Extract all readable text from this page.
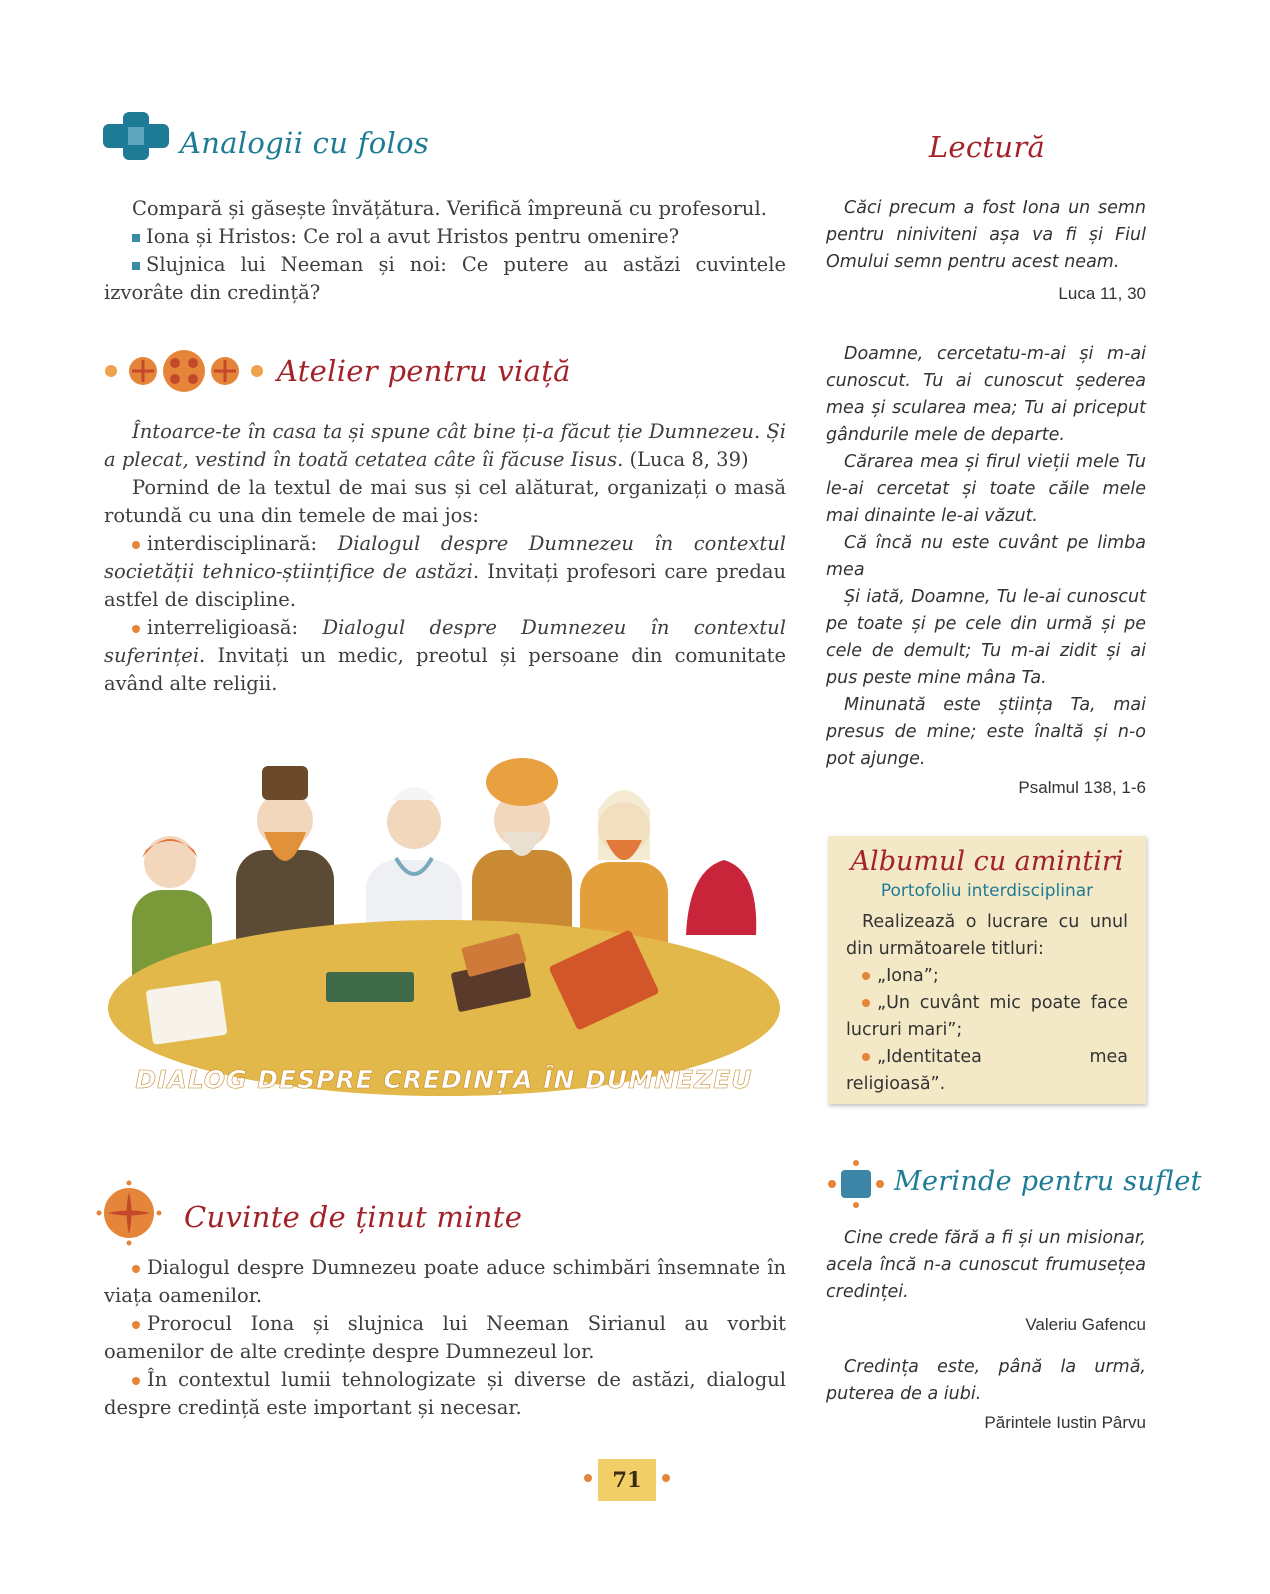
Analogii cu folos

Compară și găsește învățătura. Verifică împreună cu profesorul.

Iona și Hristos: Ce rol a avut Hristos pentru omenire?

Slujnica lui Neeman și noi: Ce putere au astăzi cuvintele izvorâte din credință?

Atelier pentru viață

Întoarce-te în casa ta și spune cât bine ți-a făcut ție Dumnezeu. Și a plecat, vestind în toată cetatea câte îi făcuse Iisus. (Luca 8, 39)

Pornind de la textul de mai sus și cel alăturat, organizați o masă rotundă cu una din temele de mai jos:

interdisciplinară: Dialogul despre Dumnezeu în contextul societății tehnico-științifice de astăzi. Invitați profesori care predau astfel de discipline.

interreligioasă: Dialogul despre Dumnezeu în contextul suferinței. Invitați un medic, preotul și persoane din comunitate având alte religii.

DIALOG DESPRE CREDINȚA ÎN DUMNEZEU
Cuvinte de ținut minte

Dialogul despre Dumnezeu poate aduce schimbări însemnate în viața oamenilor.

Prorocul Iona și slujnica lui Neeman Sirianul au vorbit oamenilor de alte credințe despre Dumnezeul lor.

În contextul lumii tehnologizate și diverse de astăzi, dialogul despre credință este important și necesar.

Lectură

Căci precum a fost Iona un semn pentru niniviteni așa va fi și Fiul Omului semn pentru acest neam.

Luca 11, 30

Doamne, cercetatu-m-ai și m-ai cunoscut. Tu ai cunoscut șederea mea și scularea mea; Tu ai priceput gândurile mele de departe.

Cărarea mea și firul vieții mele Tu le-ai cercetat și toate căile mele mai dinainte le-ai văzut.

Că încă nu este cuvânt pe limba mea

Și iată, Doamne, Tu le-ai cunoscut pe toate și pe cele din urmă și pe cele de demult; Tu m-ai zidit și ai pus peste mine mâna Ta.

Minunată este știința Ta, mai presus de mine; este înaltă și n-o pot ajunge.

Psalmul 138, 1-6
Albumul cu amintiri
Portofoliu interdisciplinar

Realizează o lucrare cu unul din următoarele titluri:

„Iona”;

„Un cuvânt mic poate face lucruri mari”;

„Identitatea mea religioasă”.

Merinde pentru suflet

Cine crede fără a fi și un misionar, acela încă n-a cunoscut frumusețea credinței.

Valeriu Gafencu

Credința este, până la urmă, puterea de a iubi.

Părintele Iustin Pârvu
71
